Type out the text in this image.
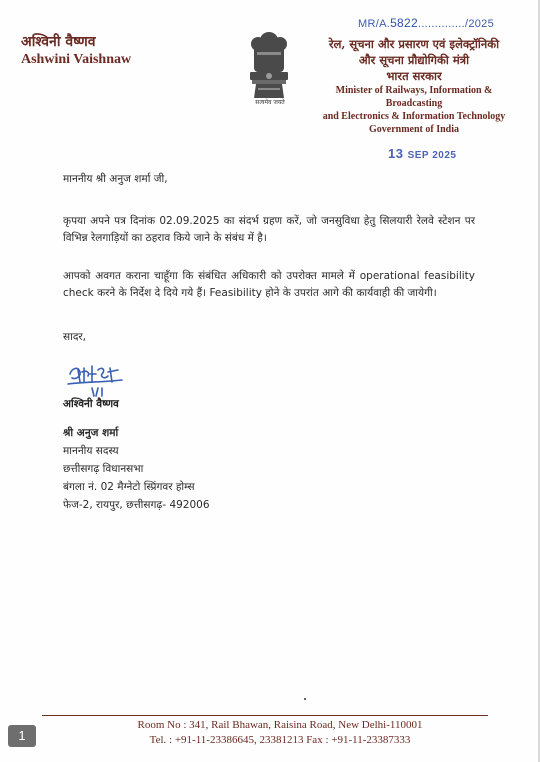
अश्विनी वैष्णव
Ashwini Vaishnaw
सत्यमेव जयते
MR/A.5822............../2025
रेल, सूचना और प्रसारण एवं इलेक्ट्रॉनिकी
और सूचना प्रौद्योगिकी मंत्री
भारत सरकार
Minister of Railways, Information & Broadcasting
and Electronics & Information Technology
Government of India
13 SEP 2025
माननीय श्री अनुज शर्मा जी,
कृपया अपने पत्र दिनांक 02.09.2025 का संदर्भ ग्रहण करें, जो जनसुविधा हेतु सिलयारी रेलवे स्टेशन पर विभिन्न रेलगाड़ियों का ठहराव किये जाने के संबंध में है।
आपको अवगत कराना चाहूँगा कि संबंधित अधिकारी को उपरोक्त मामले में operational feasibility check करने के निर्देश दे दिये गये हैं। Feasibility होने के उपरांत आगे की कार्यवाही की जायेगी।
सादर,
अश्विनी वैष्णव
श्री अनुज शर्मा
माननीय सदस्य
छत्तीसगढ़ विधानसभा
बंगला नं. 02 मैग्नेटो स्प्रिंगवर होम्स
फेज-2, रायपुर, छत्तीसगढ़- 492006
Room No : 341, Rail Bhawan, Raisina Road, New Delhi-110001
Tel. : +91-11-23386645, 23381213 Fax : +91-11-23387333
1
